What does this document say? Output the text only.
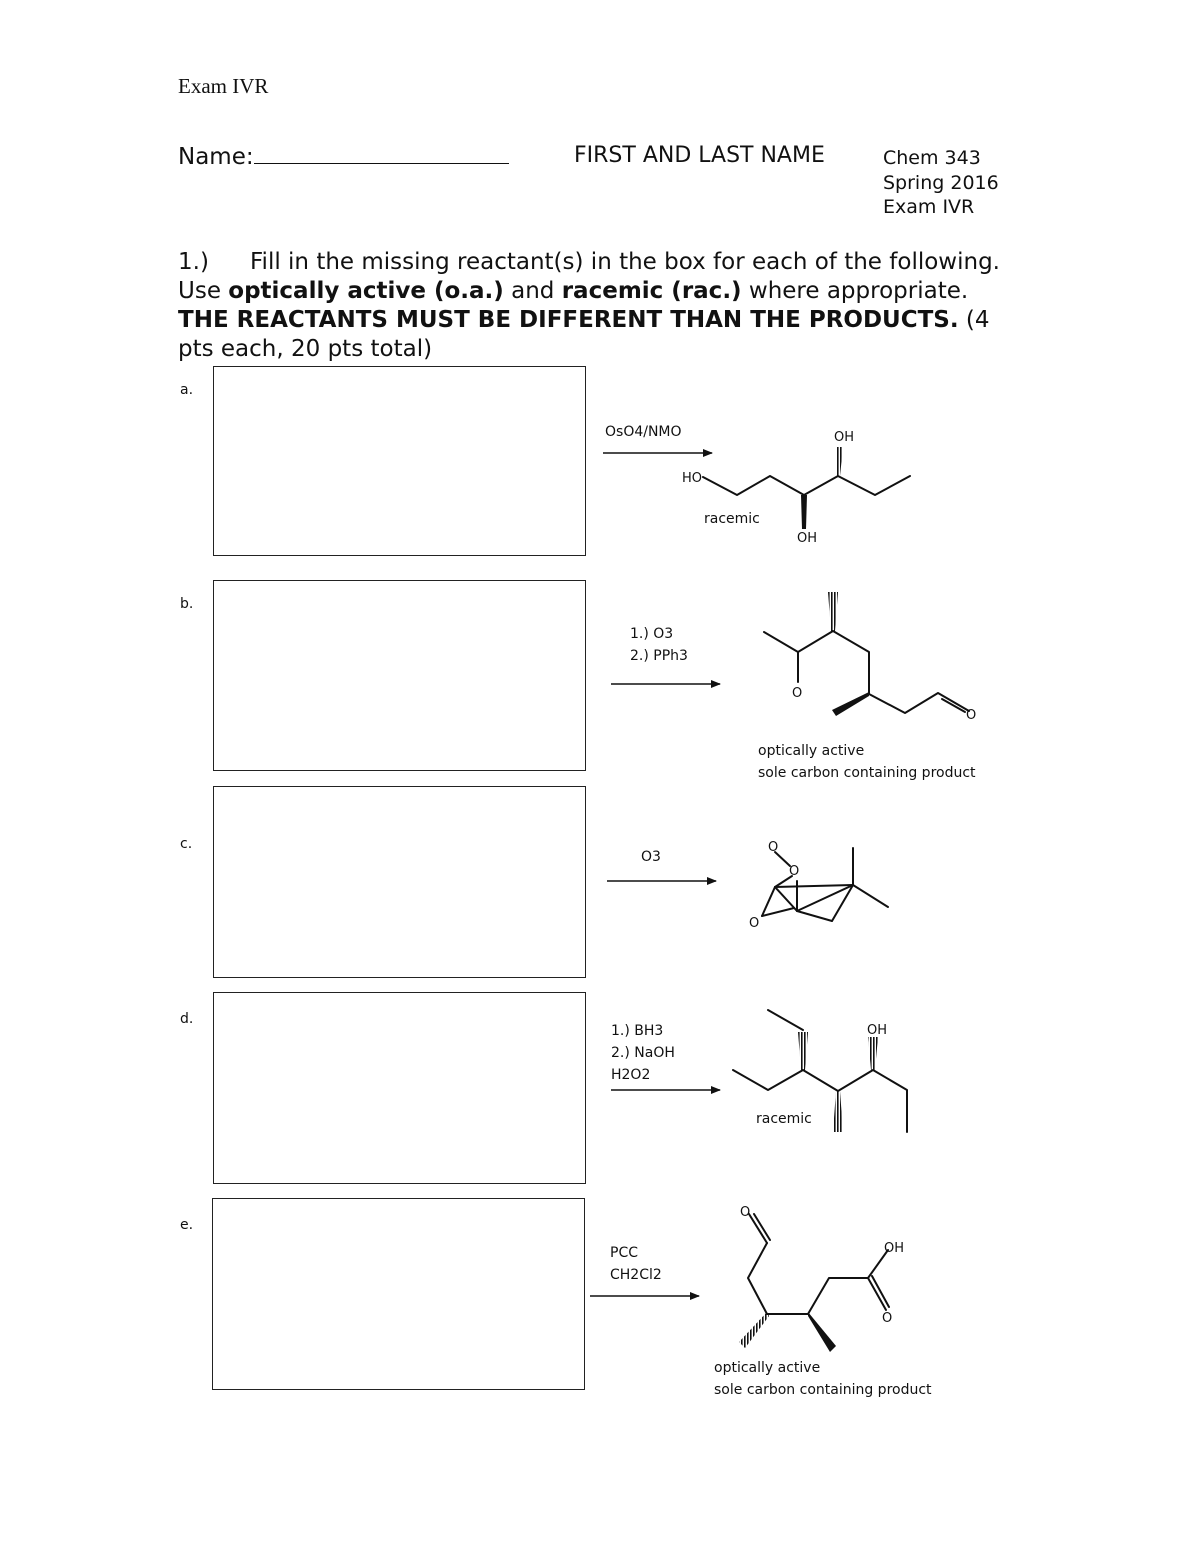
Exam IVR
Name:	FIRST AND LAST NAME	Chem 343
Spring 2016
Exam IVR
1.) Fill in the missing reactant(s) in the box for each of the following. Use optically active (o.a.) and racemic (rac.) where appropriate. THE REACTANTS MUST BE DIFFERENT THAN THE PRODUCTS. (4 pts each, 20 pts total)
a.
b.
c.
d.
e.
OsO4/NMO
1.) O3
2.) PPh3
O3
1.) BH3
2.) NaOH
H2O2
PCC
CH2Cl2
racemic
optically active
sole carbon containing product
racemic
optically active
sole carbon containing product
HO
OH
OH
O
O
O
O
O
OH
O
OH
O
